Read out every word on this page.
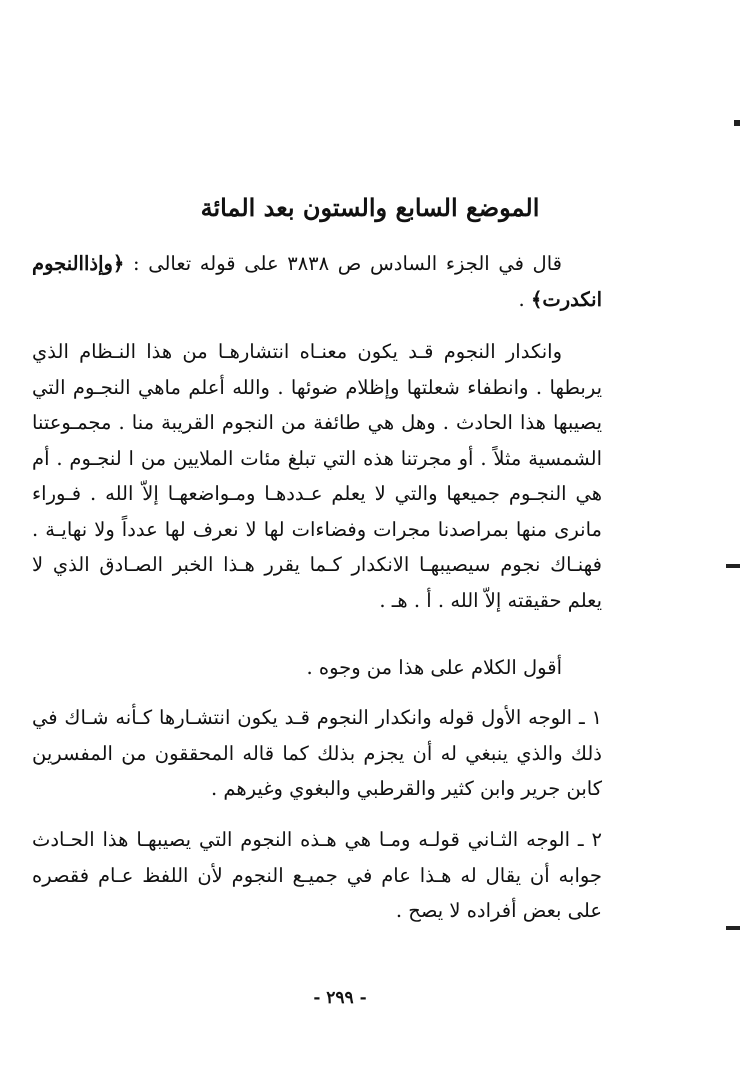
الموضع السابع والستون بعد المائة
قال في الجزء السادس ص ٣٨٣٨ على قوله تعالى : ﴿وإذاالنجوم انكدرت﴾ .
وانكدار النجوم قـد يكون معنـاه انتشارهـا من هذا النـظام الذي يربطها . وانطفاء شعلتها وإظلام ضوئها . والله أعلم ماهي النجـوم التي يصيبها هذا الحادث . وهل هي طائفة من النجوم القريبة منا . مجمـوعتنا الشمسية مثلاً . أو مجرتنا هذه التي تبلغ مئات الملايين من ا لنجـوم . أم هي النجـوم جميعها والتي لا يعلم عـددهـا ومـواضعهـا إلاّ الله . فـوراء مانرى منها بمراصدنا مجرات وفضاءات لها لا نعرف لها عدداً ولا نهايـة . فهنـاك نجوم سيصيبهـا الانكدار كـما يقرر هـذا الخبر الصـادق الذي لا يعلم حقيقته إلاّ الله . أ . هـ .
أقول الكلام على هذا من وجوه .
١ ـ الوجه الأول قوله وانكدار النجوم قـد يكون انتشـارها كـأنه شـاك في ذلك والذي ينبغي له أن يجزم بذلك كما قاله المحققون من المفسرين كابن جرير وابن كثير والقرطبي والبغوي وغيرهم .
٢ ـ الوجه الثـاني قولـه ومـا هي هـذه النجوم التي يصيبهـا هذا الحـادث جوابه أن يقال له هـذا عام في جميـع النجوم لأن اللفظ عـام فقصره على بعض أفراده لا يصح .
- ٢٩٩ -
